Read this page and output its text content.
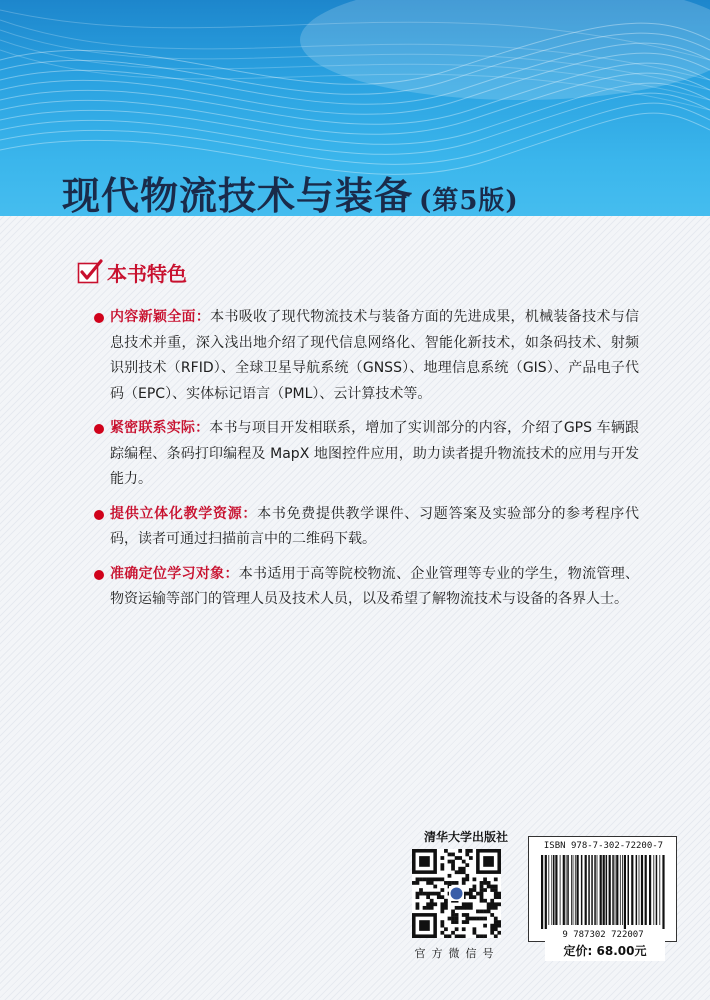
现代物流技术与装备 (第5版)
本书特色
内容新颖全面：本书吸收了现代物流技术与装备方面的先进成果，机械装备技术与信息技术并重，深入浅出地介绍了现代信息网络化、智能化新技术，如条码技术、射频识别技术（RFID）、全球卫星导航系统（GNSS）、地理信息系统（GIS）、产品电子代码（EPC）、实体标记语言（PML）、云计算技术等。
紧密联系实际：本书与项目开发相联系，增加了实训部分的内容，介绍了GPS 车辆跟踪编程、条码打印编程及 MapX 地图控件应用，助力读者提升物流技术的应用与开发能力。
提供立体化教学资源：本书免费提供教学课件、习题答案及实验部分的参考程序代码，读者可通过扫描前言中的二维码下载。
准确定位学习对象：本书适用于高等院校物流、企业管理等专业的学生，物流管理、物资运输等部门的管理人员及技术人员，以及希望了解物流技术与设备的各界人士。
清华大学出版社
官方微信号
ISBN 978-7-302-72200-7
9 787302 722007
定价: 68.00元
